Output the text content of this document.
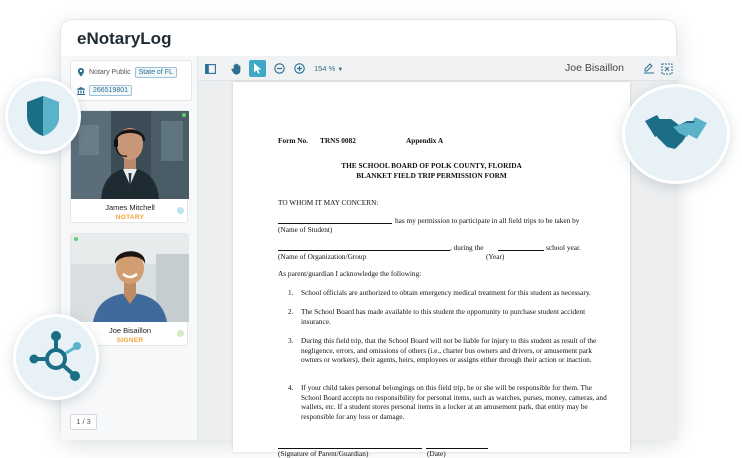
eNotaryLog
Notary Public	State of FL
266519801
James Mitchell
NOTARY
Joe Bisaillon
SIGNER
1 / 3
154 % ▼	Joe Bisaillon
Form No. TRNS 0082	Appendix A
THE SCHOOL BOARD OF POLK COUNTY, FLORIDA
BLANKET FIELD TRIP PERMISSION FORM
TO WHOM IT MAY CONCERN:
has my permission to participate in all field trips to be taken by
(Name of Student)
, during the	school year.
(Name of Organization/Group	(Year)
As parent/guardian I acknowledge the following:
1. School officials are authorized to obtain emergency medical treatment for this student as necessary.
2. The School Board has made available to this student the opportunity to purchase student accident insurance.
3. During this field trip, that the School Board will not be liable for injury to this student as result of the negligence, errors, and omissions of others (i.e., charter bus owners and drivers, or amusement park owners or workers), their agents, heirs, employees or assigns either through their action or inaction.
4. If your child takes personal belongings on this field trip, he or she will be responsible for them. The School Board accepts no responsibility for personal items, such as watches, purses, money, cameras, and wallets, etc. If a student stores personal items in a locker at an amusement park, that entity may be responsible for any loss or damage.
(Signature of Parent/Guardian)	(Date)
